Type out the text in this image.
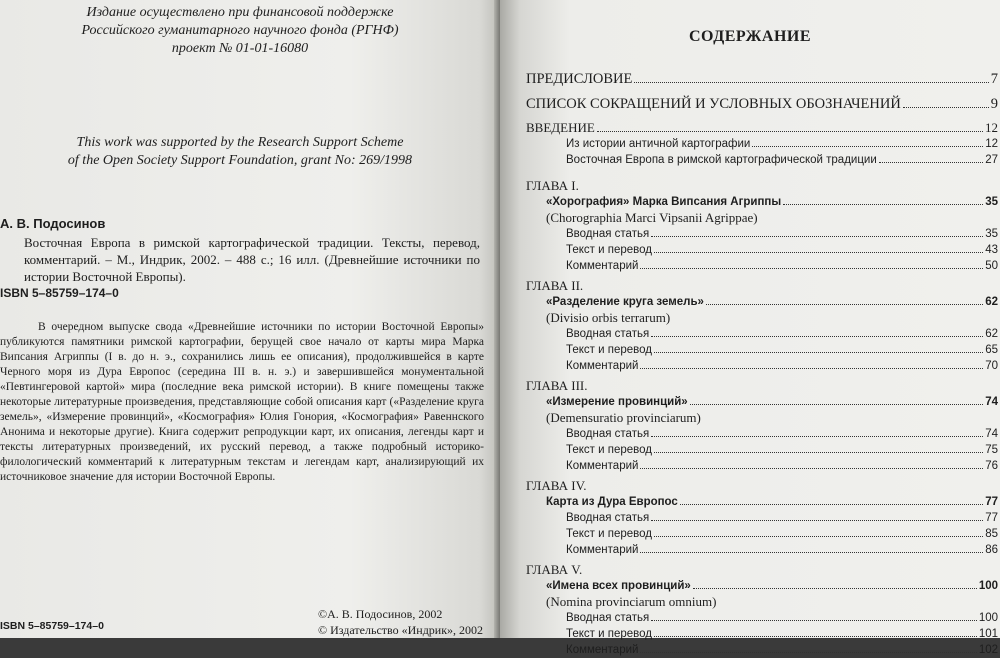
Издание осуществлено при финансовой поддержке
Российского гуманитарного научного фонда (РГНФ)
проект № 01-01-16080
This work was supported by the Research Support Scheme
of the Open Society Support Foundation, grant No: 269/1998
А. В. Подосинов
Восточная Европа в римской картографической традиции. Тексты, перевод, комментарий. – М., Индрик, 2002. – 488 с.; 16 илл. (Древнейшие источники по истории Восточной Европы).
ISBN 5–85759–174–0
В очередном выпуске свода «Древнейшие источники по истории Восточной Европы» публикуются памятники римской картографии, берущей свое начало от карты мира Марка Випсания Агриппы (I в. до н. э., сохранились лишь ее описания), продолжившейся в карте Черного моря из Дура Европос (середина III в. н. э.) и завершившейся монументальной «Певтингеровой картой» мира (последние века римской истории). В книге помещены также некоторые литературные произведения, представляющие собой описания карт («Разделение круга земель», «Измерение провинций», «Космография» Юлия Гонория, «Космография» Равеннского Анонима и некоторые другие). Книга содержит репродукции карт, их описания, легенды карт и тексты литературных произведений, их русский перевод, а также подробный историко-филологический комментарий к литературным текстам и легендам карт, анализирующий их источниковое значение для истории Восточной Европы.
ISBN 5–85759–174–0
©А. В. Подосинов, 2002
© Издательство «Индрик», 2002
СОДЕРЖАНИЕ
ПРЕДИСЛОВИЕ	7
СПИСОК СОКРАЩЕНИЙ И УСЛОВНЫХ ОБОЗНАЧЕНИЙ	9
ВВЕДЕНИЕ	12
Из истории античной картографии	12
Восточная Европа в римской картографической традиции	27
ГЛАВА I.
«Хорография» Марка Випсания Агриппы	35
(Chorographia Marci Vipsanii Agrippae)
Вводная статья	35
Текст и перевод	43
Комментарий	50
ГЛАВА II.
«Разделение круга земель»	62
(Divisio orbis terrarum)
Вводная статья	62
Текст и перевод	65
Комментарий	70
ГЛАВА III.
«Измерение провинций»	74
(Demensuratio provinciarum)
Вводная статья	74
Текст и перевод	75
Комментарий	76
ГЛАВА IV.
Карта из Дура Европос	77
Вводная статья	77
Текст и перевод	85
Комментарий	86
ГЛАВА V.
«Имена всех провинций»	100
(Nomina provinciarum omnium)
Вводная статья	100
Текст и перевод	101
Комментарий	102
